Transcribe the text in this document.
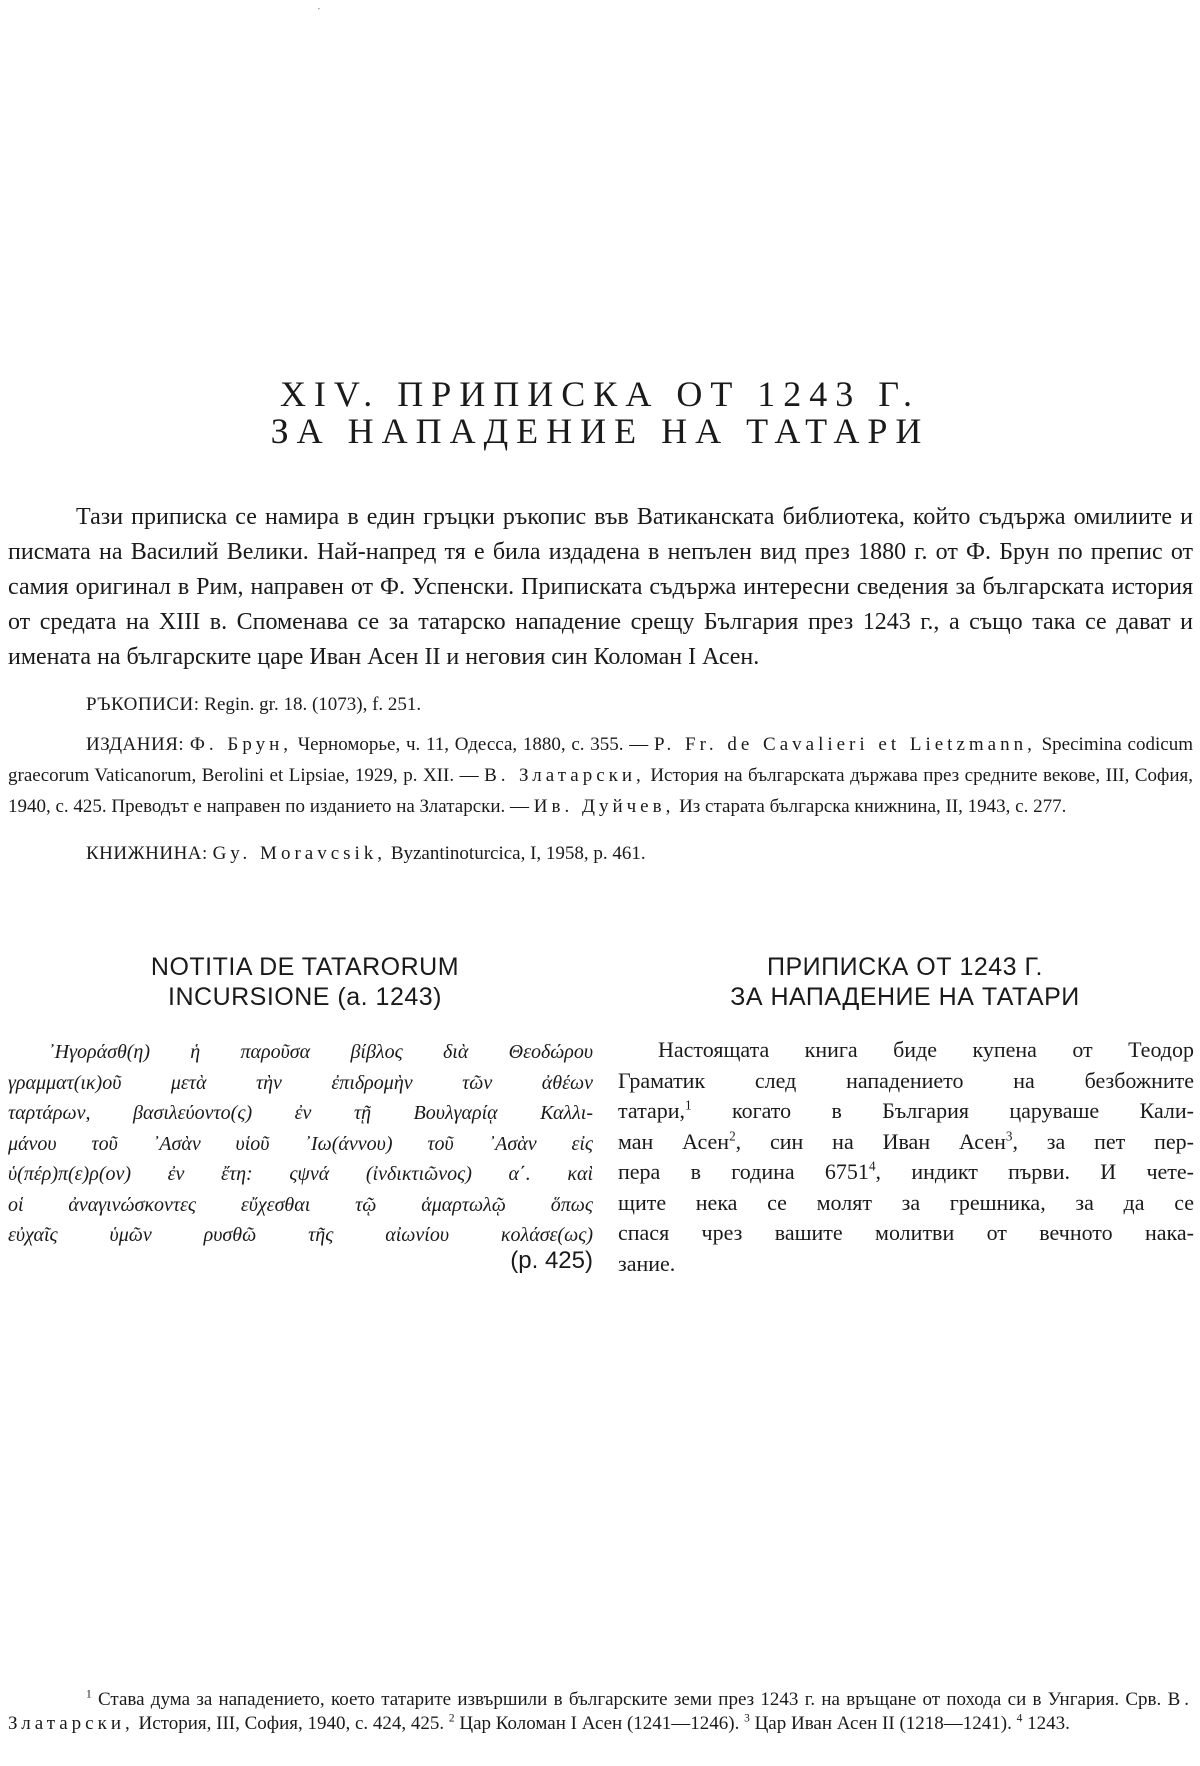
·
XIV. ПРИПИСКА ОТ 1243 Г.
ЗА НАПАДЕНИЕ НА ТАТАРИ

Тази приписка се намира в един гръцки ръкопис във Ватиканската библиотека, който съдържа омилиите и писмата на Василий Велики. Най-напред тя е била издадена в непълен вид през 1880 г. от Ф. Брун по препис от самия оригинал в Рим, направен от Ф. Успенски. Приписката съдържа интересни сведения за българската история от средата на XIII в. Споменава се за татарско нападение срещу България през 1243 г., а също така се дават и имената на българските царе Иван Асен II и неговия син Коломан I Асен.

РЪКОПИСИ: Regin. gr. 18. (1073), f. 251.
ИЗДАНИЯ: Ф. Брун, Черноморье, ч. 11, Одесса, 1880, с. 355. — P. Fr. de Cavalieri et Lietzmann, Specimina codicum graecorum Vaticanorum, Berolini et Lipsiae, 1929, p. XII. — В. Златарски, История на българската държава през средните векове, III, София, 1940, с. 425. Преводът е направен по изданието на Златарски. — Ив. Дуйчев, Из старата българска книжнина, II, 1943, с. 277.
КНИЖНИНА: Gy. Moravcsik, Byzantinoturcica, I, 1958, p. 461.
NOTITIA DE TATARORUM
INCURSIONE (a. 1243)
᾿Ηγοράσθ(η) ἡ παροῦσα βίβλος διὰ Θεοδώρου
γραμματ(ικ)οῦ μετὰ τὴν ἐπιδρομὴν τῶν ἀθέων
ταρτάρων, βασιλεύοντο(ς) ἐν τῇ Βουλγαρίᾳ Καλλι-
μάνου τοῦ ᾿Ασὰν υἱοῦ ᾿Ιω(άννου) τοῦ ᾿Ασὰν εἰς
ὑ(πέρ)π(ε)ρ(ον) ἐν ἔτη: ςψνά (ἰνδικτιῶνος) α΄. καὶ
οἱ ἀναγινώσκοντες εὔχεσθαι τῷ ἁμαρτωλῷ ὅπως
εὐχαῖς ὑμῶν ρυσθῶ τῆς αἰωνίου κολάσε(ως)
(p. 425)
ПРИПИСКА ОТ 1243 Г.
ЗА НАПАДЕНИЕ НА ТАТАРИ
Настоящата книга биде купена от Теодор
Граматик след нападението на безбожните
татари,$^1$ когато в България царуваше Кали-
ман Асен$^2$, син на Иван Асен$^3$, за пет пер-
пера в година 6751$^4$, индикт първи. И чете-
щите нека се молят за грешника, за да се
спася чрез вашите молитви от вечното нака-
зание.
$^1$ Става дума за нападението, което татарите извършили в българските земи през 1243 г. на връщане от похода си в Унгария. Срв. В. Златарски, История, III, София, 1940, с. 424, 425. $^2$ Цар Коломан I Асен (1241—1246). $^3$ Цар Иван Асен II (1218—1241). $^4$ 1243.
